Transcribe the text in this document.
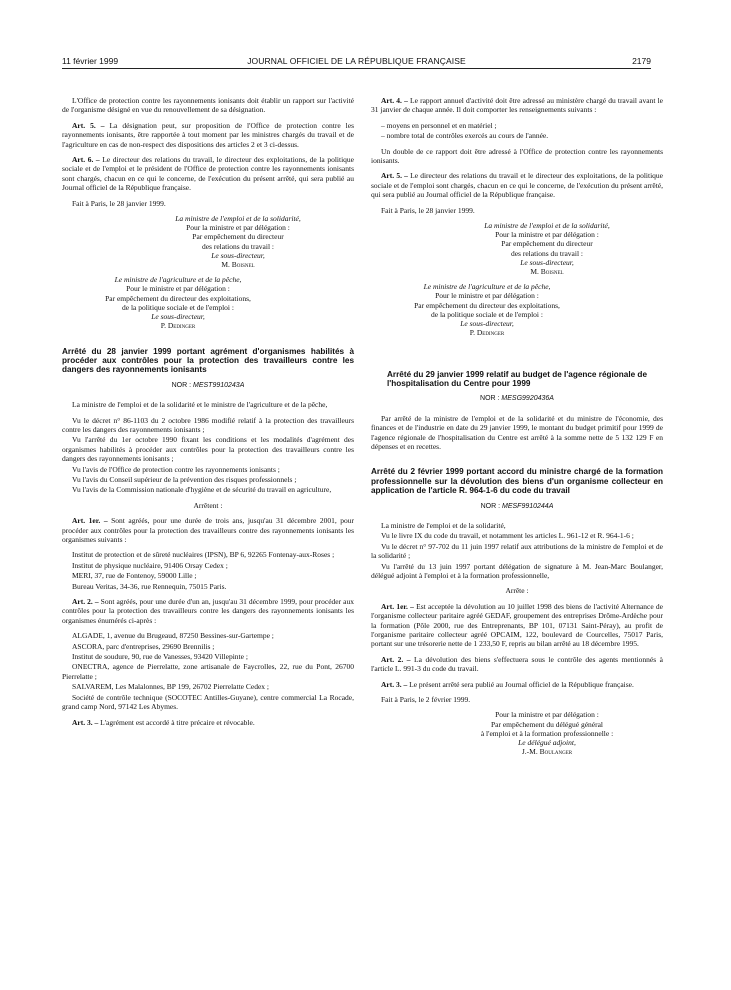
11 février 1999	JOURNAL OFFICIEL DE LA RÉPUBLIQUE FRANÇAISE	2179

L'Office de protection contre les rayonnements ionisants doit établir un rapport sur l'activité de l'organisme désigné en vue du renouvellement de sa désignation.

Art. 5. – La désignation peut, sur proposition de l'Office de protection contre les rayonnements ionisants, être rapportée à tout moment par les ministres chargés du travail et de l'agriculture en cas de non-respect des dispositions des articles 2 et 3 ci-dessus.

Art. 6. – Le directeur des relations du travail, le directeur des exploitations, de la politique sociale et de l'emploi et le président de l'Office de protection contre les rayonnements ionisants sont chargés, chacun en ce qui le concerne, de l'exécution du présent arrêté, qui sera publié au Journal officiel de la République française.

Fait à Paris, le 28 janvier 1999.

La ministre de l'emploi et de la solidarité,
Pour la ministre et par délégation :
Par empêchement du directeur
des relations du travail :
Le sous-directeur,
M. Boisnel
Le ministre de l'agriculture et de la pêche,
Pour le ministre et par délégation :
Par empêchement du directeur des exploitations,
de la politique sociale et de l'emploi :
Le sous-directeur,
P. Dedinger
Arrêté du 28 janvier 1999 portant agrément d'organismes habilités à procéder aux contrôles pour la protection des travailleurs contre les dangers des rayonnements ionisants
NOR : MEST9910243A

La ministre de l'emploi et de la solidarité et le ministre de l'agriculture et de la pêche,

Vu le décret n° 86-1103 du 2 octobre 1986 modifié relatif à la protection des travailleurs contre les dangers des rayonnements ionisants ;

Vu l'arrêté du 1er octobre 1990 fixant les conditions et les modalités d'agrément des organismes habilités à procéder aux contrôles pour la protection des travailleurs contre les dangers des rayonnements ionisants ;

Vu l'avis de l'Office de protection contre les rayonnements ionisants ;

Vu l'avis du Conseil supérieur de la prévention des risques professionnels ;

Vu l'avis de la Commission nationale d'hygiène et de sécurité du travail en agriculture,

Arrêtent :

Art. 1er. – Sont agréés, pour une durée de trois ans, jusqu'au 31 décembre 2001, pour procéder aux contrôles pour la protection des travailleurs contre des rayonnements ionisants les organismes suivants :

Institut de protection et de sûreté nucléaires (IPSN), BP 6, 92265 Fontenay-aux-Roses ;

Institut de physique nucléaire, 91406 Orsay Cedex ;

MERI, 37, rue de Fontenoy, 59000 Lille ;

Bureau Veritas, 34-36, rue Rennequin, 75015 Paris.

Art. 2. – Sont agréés, pour une durée d'un an, jusqu'au 31 décembre 1999, pour procéder aux contrôles pour la protection des travailleurs contre les dangers des rayonnements ionisants les organismes énumérés ci-après :

ALGADE, 1, avenue du Brugeaud, 87250 Bessines-sur-Gartempe ;

ASCORA, parc d'entreprises, 29690 Brennilis ;

Institut de soudure, 90, rue de Vanesses, 93420 Villepinte ;

ONECTRA, agence de Pierrelatte, zone artisanale de Faycrolles, 22, rue du Pont, 26700 Pierrelatte ;

SALVAREM, Les Malalonnes, BP 199, 26702 Pierrelatte Cedex ;

Société de contrôle technique (SOCOTEC Antilles-Guyane), centre commercial La Rocade, grand camp Nord, 97142 Les Abymes.

Art. 3. – L'agrément est accordé à titre précaire et révocable.

Art. 4. – Le rapport annuel d'activité doit être adressé au ministère chargé du travail avant le 31 janvier de chaque année. Il doit comporter les renseignements suivants :

– moyens en personnel et en matériel ;

– nombre total de contrôles exercés au cours de l'année.

Un double de ce rapport doit être adressé à l'Office de protection contre les rayonnements ionisants.

Art. 5. – Le directeur des relations du travail et le directeur des exploitations, de la politique sociale et de l'emploi sont chargés, chacun en ce qui le concerne, de l'exécution du présent arrêté, qui sera publié au Journal officiel de la République française.

Fait à Paris, le 28 janvier 1999.

La ministre de l'emploi et de la solidarité,
Pour la ministre et par délégation :
Par empêchement du directeur
des relations du travail :
Le sous-directeur,
M. Boisnel
Le ministre de l'agriculture et de la pêche,
Pour le ministre et par délégation :
Par empêchement du directeur des exploitations,
de la politique sociale et de l'emploi :
Le sous-directeur,
P. Dedinger
Arrêté du 29 janvier 1999 relatif au budget de l'agence régionale de l'hospitalisation du Centre pour 1999
NOR : MESG9920436A

Par arrêté de la ministre de l'emploi et de la solidarité et du ministre de l'économie, des finances et de l'industrie en date du 29 janvier 1999, le montant du budget primitif pour 1999 de l'agence régionale de l'hospitalisation du Centre est arrêté à la somme nette de 5 132 129 F en dépenses et en recettes.

Arrêté du 2 février 1999 portant accord du ministre chargé de la formation professionnelle sur la dévolution des biens d'un organisme collecteur en application de l'article R. 964-1-6 du code du travail
NOR : MESF9910244A

La ministre de l'emploi et de la solidarité,

Vu le livre IX du code du travail, et notamment les articles L. 961-12 et R. 964-1-6 ;

Vu le décret n° 97-702 du 11 juin 1997 relatif aux attributions de la ministre de l'emploi et de la solidarité ;

Vu l'arrêté du 13 juin 1997 portant délégation de signature à M. Jean-Marc Boulanger, délégué adjoint à l'emploi et à la formation professionnelle,

Arrête :

Art. 1er. – Est acceptée la dévolution au 10 juillet 1998 des biens de l'activité Alternance de l'organisme collecteur paritaire agréé GEDAF, groupement des entreprises Drôme-Ardèche pour la formation (Pôle 2000, rue des Entreprenants, BP 101, 07131 Saint-Péray), au profit de l'organisme paritaire collecteur agréé OPCAIM, 122, boulevard de Courcelles, 75017 Paris, portant sur une trésorerie nette de 1 233,50 F, repris au bilan arrêté au 18 décembre 1995.

Art. 2. – La dévolution des biens s'effectuera sous le contrôle des agents mentionnés à l'article L. 991-3 du code du travail.

Art. 3. – Le présent arrêté sera publié au Journal officiel de la République française.

Fait à Paris, le 2 février 1999.

Pour la ministre et par délégation :
Par empêchement du délégué général
à l'emploi et à la formation professionnelle :
Le délégué adjoint,
J.-M. Boulanger
